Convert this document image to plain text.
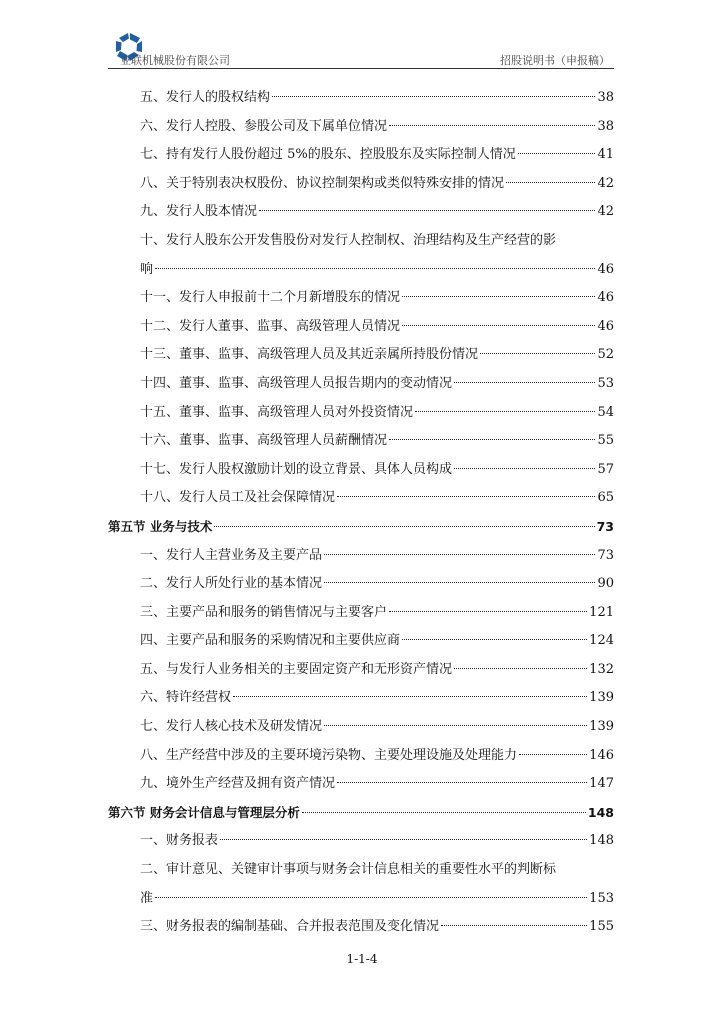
业联机械股份有限公司	招股说明书（申报稿）
五、发行人的股权结构	38
六、发行人控股、参股公司及下属单位情况	38
七、持有发行人股份超过 5%的股东、控股股东及实际控制人情况	41
八、关于特别表决权股份、协议控制架构或类似特殊安排的情况	42
九、发行人股本情况	42
十、发行人股东公开发售股份对发行人控制权、治理结构及生产经营的影
响	46
十一、发行人申报前十二个月新增股东的情况	46
十二、发行人董事、监事、高级管理人员情况	46
十三、董事、监事、高级管理人员及其近亲属所持股份情况	52
十四、董事、监事、高级管理人员报告期内的变动情况	53
十五、董事、监事、高级管理人员对外投资情况	54
十六、董事、监事、高级管理人员薪酬情况	55
十七、发行人股权激励计划的设立背景、具体人员构成	57
十八、发行人员工及社会保障情况	65
第五节 业务与技术	73
一、发行人主营业务及主要产品	73
二、发行人所处行业的基本情况	90
三、主要产品和服务的销售情况与主要客户	121
四、主要产品和服务的采购情况和主要供应商	124
五、与发行人业务相关的主要固定资产和无形资产情况	132
六、特许经营权	139
七、发行人核心技术及研发情况	139
八、生产经营中涉及的主要环境污染物、主要处理设施及处理能力	146
九、境外生产经营及拥有资产情况	147
第六节 财务会计信息与管理层分析	148
一、财务报表	148
二、审计意见、关键审计事项与财务会计信息相关的重要性水平的判断标
准	153
三、财务报表的编制基础、合并报表范围及变化情况	155
1-1-4
